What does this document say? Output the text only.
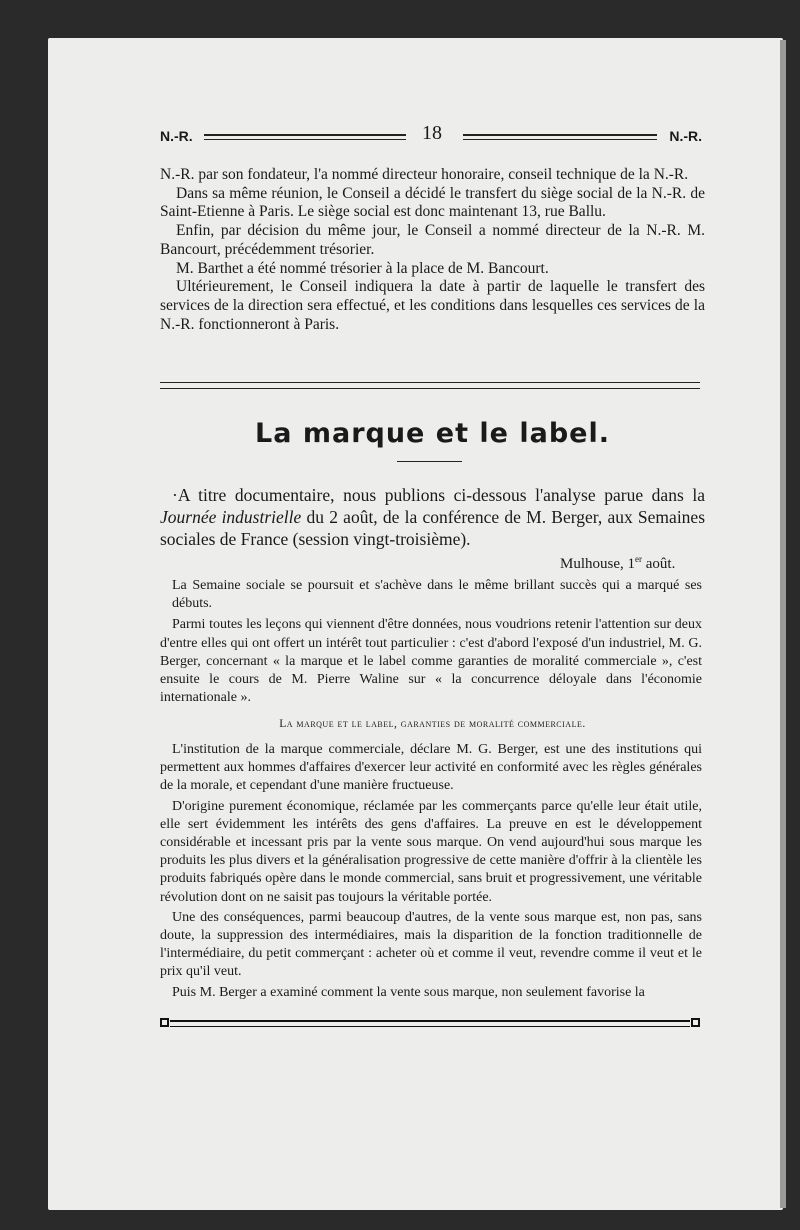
N.-R.	18	N.-R.

N.-R. par son fondateur, l'a nommé directeur honoraire, conseil technique de la N.-R.

Dans sa même réunion, le Conseil a décidé le transfert du siège social de la N.-R. de Saint-Etienne à Paris. Le siège social est donc maintenant 13, rue Ballu.

Enfin, par décision du même jour, le Conseil a nommé directeur de la N.-R. M. Bancourt, précédemment trésorier.

M. Barthet a été nommé trésorier à la place de M. Bancourt.

Ultérieurement, le Conseil indiquera la date à partir de laquelle le transfert des services de la direction sera effectué, et les conditions dans lesquelles ces services de la N.-R. fonctionneront à Paris.

La marque et le label.

·A titre documentaire, nous publions ci-dessous l'analyse parue dans la Journée industrielle du 2 août, de la conférence de M. Berger, aux Semaines sociales de France (session vingt-troisième).

Mulhouse, 1er août.

La Semaine sociale se poursuit et s'achève dans le même brillant succès qui a marqué ses débuts.

Parmi toutes les leçons qui viennent d'être données, nous voudrions retenir l'attention sur deux d'entre elles qui ont offert un intérêt tout particulier : c'est d'abord l'exposé d'un industriel, M. G. Berger, concernant « la marque et le label comme garanties de moralité commerciale », c'est ensuite le cours de M. Pierre Waline sur « la concurrence déloyale dans l'économie internationale ».

La marque et le label, garanties de moralité commerciale.

L'institution de la marque commerciale, déclare M. G. Berger, est une des institutions qui permettent aux hommes d'affaires d'exercer leur activité en conformité avec les règles générales de la morale, et cependant d'une manière fructueuse.

D'origine purement économique, réclamée par les commerçants parce qu'elle leur était utile, elle sert évidemment les intérêts des gens d'affaires. La preuve en est le développement considérable et incessant pris par la vente sous marque. On vend aujourd'hui sous marque les produits les plus divers et la généralisation progressive de cette manière d'offrir à la clientèle les produits fabriqués opère dans le monde commercial, sans bruit et progressivement, une véritable révolution dont on ne saisit pas toujours la véritable portée.

Une des conséquences, parmi beaucoup d'autres, de la vente sous marque est, non pas, sans doute, la suppression des intermédiaires, mais la disparition de la fonction traditionnelle de l'intermédiaire, du petit commerçant : acheter où et comme il veut, revendre comme il veut et le prix qu'il veut.

Puis M. Berger a examiné comment la vente sous marque, non seulement favorise la
